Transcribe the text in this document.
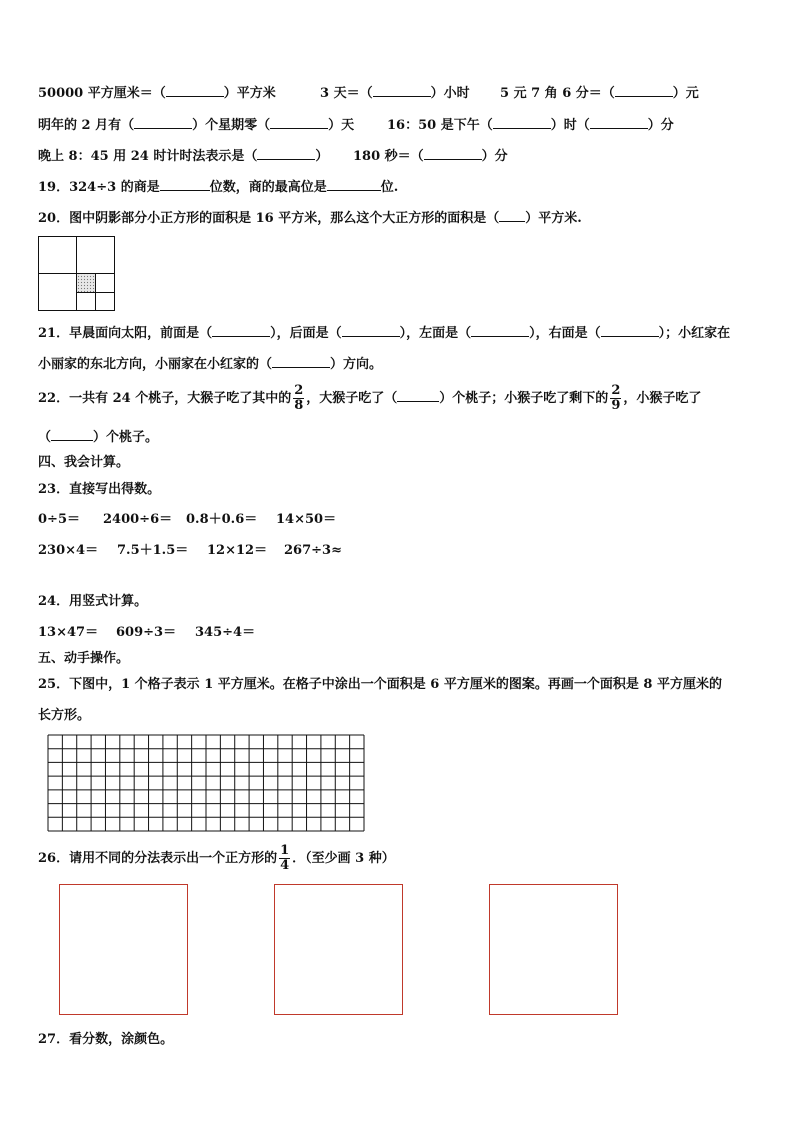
50000 平方厘米＝（	）平方米	3 天＝（	）小时 5 元 7 角 6 分＝（	）元
明年的 2 月有（	）个星期零（	）天	16：50 是下午（	）时（	）分
晚上 8：45 用 24 时计时法表示是（	） 180 秒＝（	）分
19．324÷3 的商是	位数，商的最高位是	位.
20．图中阴影部分小正方形的面积是 16 平方米，那么这个大正方形的面积是（ ）平方米.
21．早晨面向太阳，前面是（	），后面是（	），左面是（	），右面是（	）；小红家在
小丽家的东北方向，小丽家在小红家的（	）方向。
22．一共有 24 个桃子，大猴子吃了其中的 $\frac{2}{8}$ ，大猴子吃了（	）个桃子；小猴子吃了剩下的 $\frac{2}{9}$ ，小猴子吃了
（	）个桃子。
四、我会计算。
23．直接写出得数。
0÷5＝ 2400÷6＝ 0.8＋0.6＝ 14×50＝
230×4＝ 7.5＋1.5＝ 12×12＝ 267÷3≈
24．用竖式计算。
13×47＝ 609÷3＝ 345÷4＝
五、动手操作。
25．下图中，1 个格子表示 1 平方厘米。在格子中涂出一个面积是 6 平方厘米的图案。再画一个面积是 8 平方厘米的
长方形。
26．请用不同的分法表示出一个正方形的 $\frac{1}{4}$ ．（至少画 3 种）
27．看分数，涂颜色。
